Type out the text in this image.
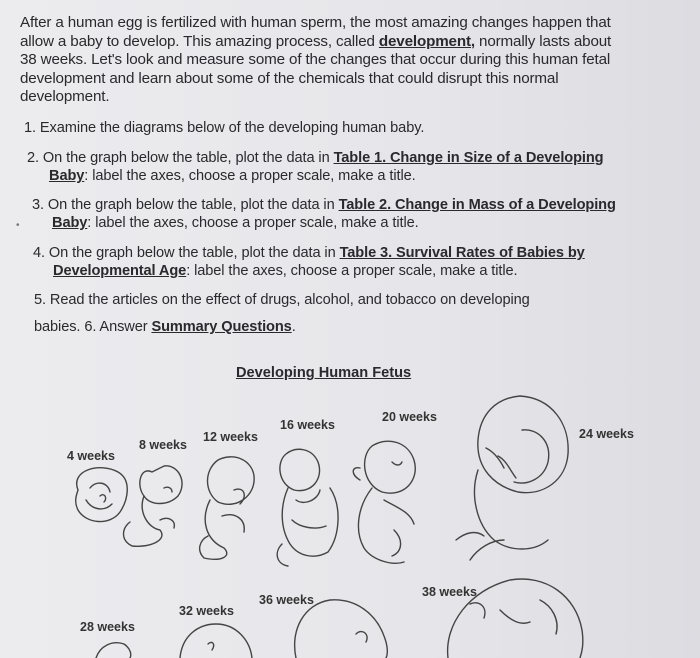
After a human egg is fertilized with human sperm, the most amazing changes happen that
allow a baby to develop. This amazing process, called development, normally lasts about
38 weeks. Let's look and measure some of the changes that occur during this human fetal
development and learn about some of the chemicals that could disrupt this normal
development.
1. Examine the diagrams below of the developing human baby.
2. On the graph below the table, plot the data in Table 1. Change in Size of a Developing
Baby: label the axes, choose a proper scale, make a title.
•
3. On the graph below the table, plot the data in Table 2. Change in Mass of a Developing
Baby: label the axes, choose a proper scale, make a title.
4. On the graph below the table, plot the data in Table 3. Survival Rates of Babies by
Developmental Age: label the axes, choose a proper scale, make a title.
5. Read the articles on the effect of drugs, alcohol, and tobacco on developing
babies. 6. Answer Summary Questions.
Developing Human Fetus
4 weeks
8 weeks
12 weeks
16 weeks
20 weeks
24 weeks
28 weeks
32 weeks
36 weeks
38 weeks
